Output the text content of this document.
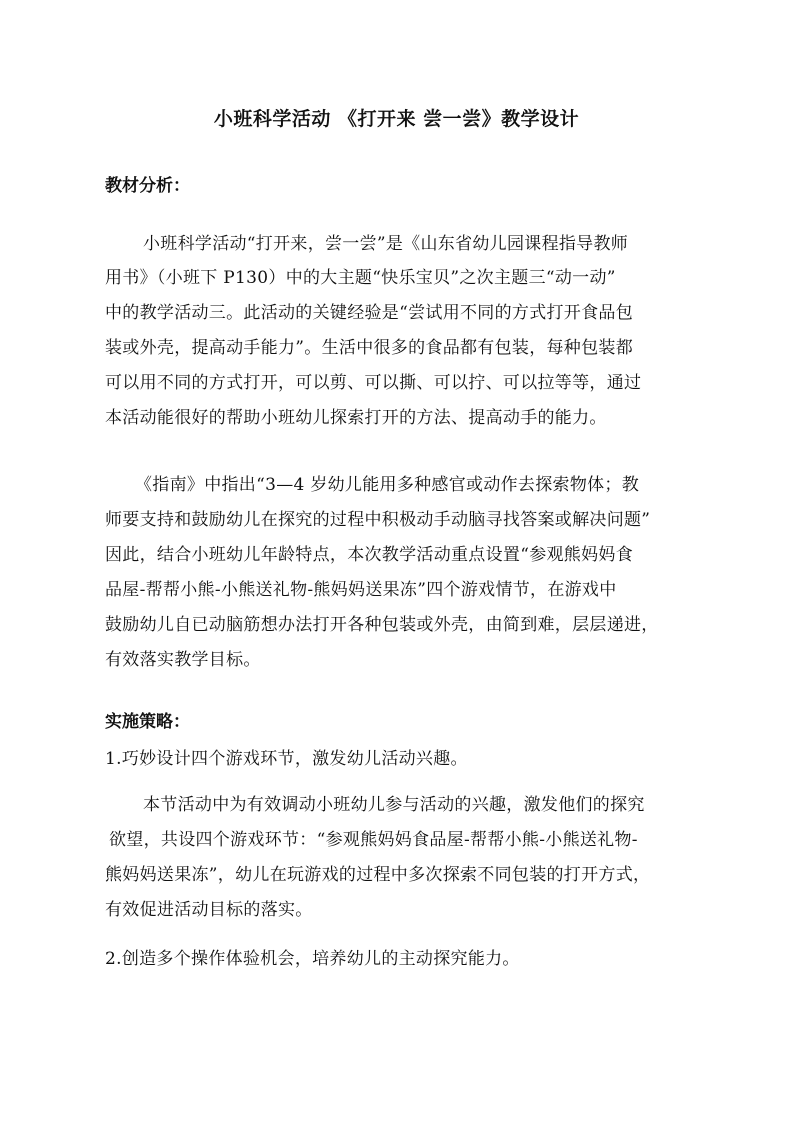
小班科学活动 《打开来 尝一尝》教学设计
教材分析：
小班科学活动“打开来，尝一尝”是《山东省幼儿园课程指导教师
用书》（小班下 P130）中的大主题“快乐宝贝”之次主题三“动一动”
中的教学活动三。此活动的关键经验是“尝试用不同的方式打开食品包
装或外壳，提高动手能力”。生活中很多的食品都有包装，每种包装都
可以用不同的方式打开，可以剪、可以撕、可以拧、可以拉等等，通过
本活动能很好的帮助小班幼儿探索打开的方法、提高动手的能力。
《指南》中指出“3—4 岁幼儿能用多种感官或动作去探索物体；教
师要支持和鼓励幼儿在探究的过程中积极动手动脑寻找答案或解决问题”
因此，结合小班幼儿年龄特点，本次教学活动重点设置“参观熊妈妈食
品屋-帮帮小熊-小熊送礼物-熊妈妈送果冻”四个游戏情节，在游戏中
鼓励幼儿自已动脑筋想办法打开各种包装或外壳，由简到难，层层递进，
有效落实教学目标。
实施策略：
1.巧妙设计四个游戏环节，激发幼儿活动兴趣。
本节活动中为有效调动小班幼儿参与活动的兴趣，激发他们的探究
欲望，共设四个游戏环节：“参观熊妈妈食品屋-帮帮小熊-小熊送礼物-
熊妈妈送果冻”，幼儿在玩游戏的过程中多次探索不同包装的打开方式，
有效促进活动目标的落实。
2.创造多个操作体验机会，培养幼儿的主动探究能力。
